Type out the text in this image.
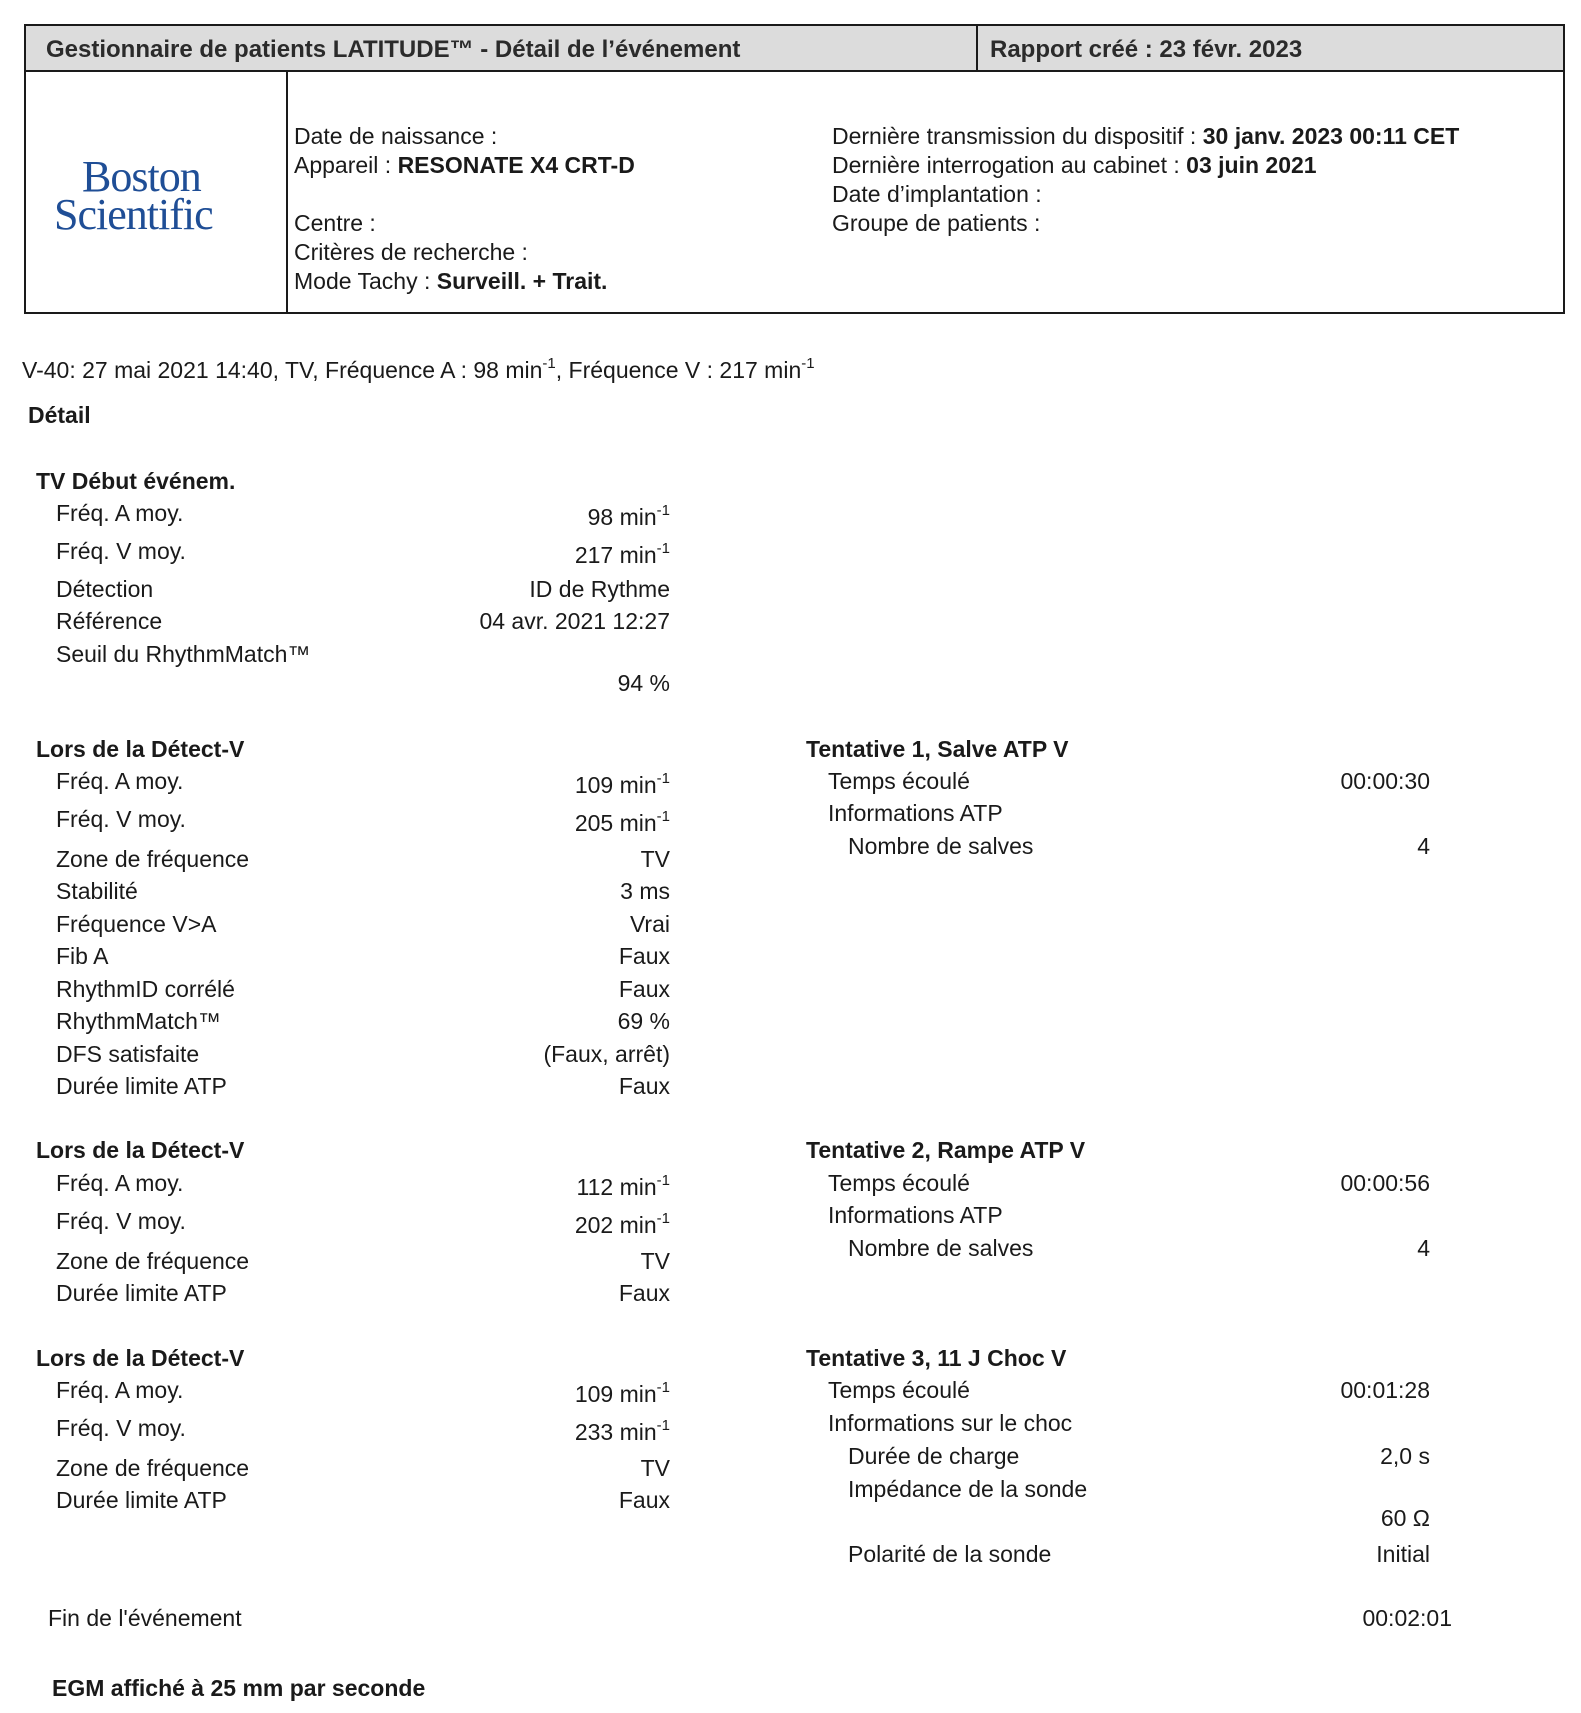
Gestionnaire de patients LATITUDE™ - Détail de l’événement	Rapport créé : 23 févr. 2023
Boston
Scientific
Date de naissance :
Appareil : RESONATE X4 CRT-D
Centre :
Critères de recherche :
Mode Tachy : Surveill. + Trait.
Dernière transmission du dispositif : 30 janv. 2023 00:11 CET
Dernière interrogation au cabinet : 03 juin 2021
Date d’implantation :
Groupe de patients :
V-40: 27 mai 2021 14:40, TV, Fréquence A : 98 $\min^{-1}$, Fréquence V : 217 $\min^{-1}$
Détail
TV Début événem.
Fréq. A moy.	98 $\min^{-1}$
Fréq. V moy.	217 $\min^{-1}$
Détection	ID de Rythme
Référence	04 avr. 2021 12:27
Seuil du RhythmMatch™
94 %
Lors de la Détect-V
Fréq. A moy.	109 $\min^{-1}$
Fréq. V moy.	205 $\min^{-1}$
Zone de fréquence	TV
Stabilité	3 ms
Fréquence V>A	Vrai
Fib A	Faux
RhythmID corrélé	Faux
RhythmMatch™	69 %
DFS satisfaite	(Faux, arrêt)
Durée limite ATP	Faux
Tentative 1, Salve ATP V
Temps écoulé	00:00:30
Informations ATP
Nombre de salves	4
Lors de la Détect-V
Fréq. A moy.	112 $\min^{-1}$
Fréq. V moy.	202 $\min^{-1}$
Zone de fréquence	TV
Durée limite ATP	Faux
Tentative 2, Rampe ATP V
Temps écoulé	00:00:56
Informations ATP
Nombre de salves	4
Lors de la Détect-V
Fréq. A moy.	109 $\min^{-1}$
Fréq. V moy.	233 $\min^{-1}$
Zone de fréquence	TV
Durée limite ATP	Faux
Tentative 3, 11 J Choc V
Temps écoulé	00:01:28
Informations sur le choc
Durée de charge	2,0 s
Impédance de la sonde
60 Ω
Polarité de la sonde	Initial
Fin de l'événement	00:02:01
EGM affiché à 25 mm par seconde
